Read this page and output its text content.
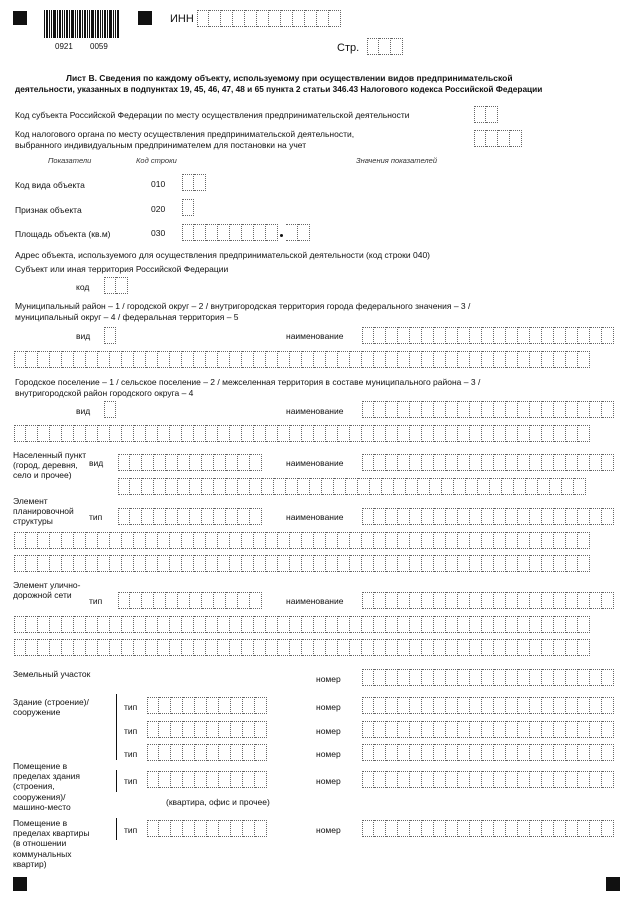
0921 0059
ИНН
Стр.
Лист В. Сведения по каждому объекту, используемому при осуществлении видов предпринимательской
деятельности, указанных в подпунктах 19, 45, 46, 47, 48 и 65 пункта 2 статьи 346.43 Налогового кодекса Российской Федерации
Код субъекта Российской Федерации по месту осуществления предпринимательской деятельности
Код налогового органа по месту осуществления предпринимательской деятельности,
выбранного индивидуальным предпринимателем для постановки на учет
Показатели	Код строки	Значения показателей
Код вида объекта	010
Признак объекта	020
Площадь объекта (кв.м)	030
Адрес объекта, используемого для осуществления предпринимательской деятельности (код строки 040)
Субъект или иная территория Российской Федерации
код
Муниципальный район – 1 / городской округ – 2 / внутригородская территория города федерального значения – 3 /
муниципальный округ – 4 / федеральная территория – 5
вид	наименование
Городское поселение – 1 / сельское поселение – 2 / межселенная территория в составе муниципального района – 3 /
внутригородской район городского округа – 4
вид	наименование
Населенный пункт (город, деревня, село и прочее)
вид	наименование
Элемент планировочной структуры	тип	наименование
Элемент улично-дорожной сети
тип	наименование
Земельный участок	номер
Здание (строение)/ сооружение
тип	номер
тип	номер
тип	номер
Помещение в пределах здания (строения, сооружения)/ машино-место
тип	номер
(квартира, офис и прочее)
Помещение в пределах квартиры (в отношении коммунальных квартир)
тип	номер
